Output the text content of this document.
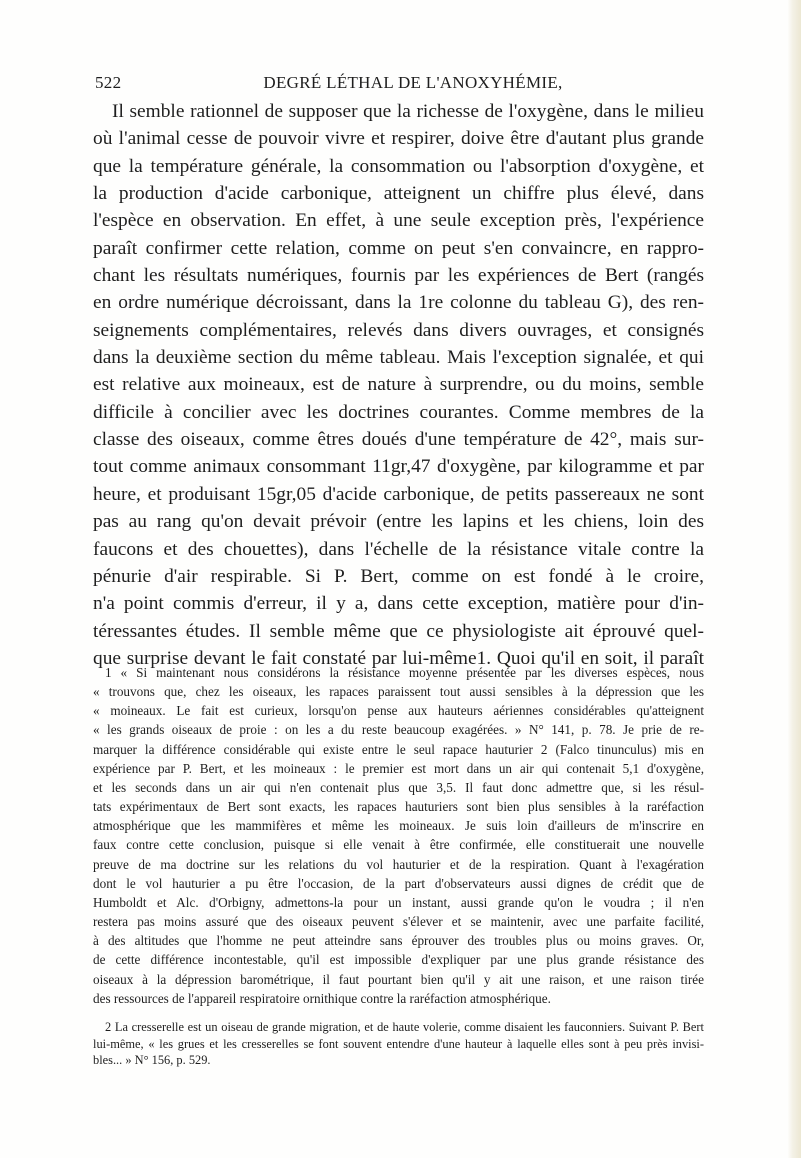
522	DEGRÉ LÉTHAL DE L'ANOXYHÉMIE,
Il semble rationnel de supposer que la richesse de l'oxygène, dans le milieu
où l'animal cesse de pouvoir vivre et respirer, doive être d'autant plus grande
que la température générale, la consommation ou l'absorption d'oxygène, et
la production d'acide carbonique, atteignent un chiffre plus élevé, dans
l'espèce en observation. En effet, à une seule exception près, l'expérience
paraît confirmer cette relation, comme on peut s'en convaincre, en rappro-
chant les résultats numériques, fournis par les expériences de Bert (rangés
en ordre numérique décroissant, dans la 1re colonne du tableau G), des ren-
seignements complémentaires, relevés dans divers ouvrages, et consignés
dans la deuxième section du même tableau. Mais l'exception signalée, et qui
est relative aux moineaux, est de nature à surprendre, ou du moins, semble
difficile à concilier avec les doctrines courantes. Comme membres de la
classe des oiseaux, comme êtres doués d'une température de 42°, mais sur-
tout comme animaux consommant 11gr,47 d'oxygène, par kilogramme et par
heure, et produisant 15gr,05 d'acide carbonique, de petits passereaux ne sont
pas au rang qu'on devait prévoir (entre les lapins et les chiens, loin des
faucons et des chouettes), dans l'échelle de la résistance vitale contre la
pénurie d'air respirable. Si P. Bert, comme on est fondé à le croire,
n'a point commis d'erreur, il y a, dans cette exception, matière pour d'in-
téressantes études. Il semble même que ce physiologiste ait éprouvé quel-
que surprise devant le fait constaté par lui-même1. Quoi qu'il en soit, il paraît
1 « Si maintenant nous considérons la résistance moyenne présentée par les diverses espèces, nous
« trouvons que, chez les oiseaux, les rapaces paraissent tout aussi sensibles à la dépression que les
« moineaux. Le fait est curieux, lorsqu'on pense aux hauteurs aériennes considérables qu'atteignent
« les grands oiseaux de proie : on les a du reste beaucoup exagérées. » N° 141, p. 78. Je prie de re-
marquer la différence considérable qui existe entre le seul rapace hauturier 2 (Falco tinunculus) mis en
expérience par P. Bert, et les moineaux : le premier est mort dans un air qui contenait 5,1 d'oxygène,
et les seconds dans un air qui n'en contenait plus que 3,5. Il faut donc admettre que, si les résul-
tats expérimentaux de Bert sont exacts, les rapaces hauturiers sont bien plus sensibles à la raréfaction
atmosphérique que les mammifères et même les moineaux. Je suis loin d'ailleurs de m'inscrire en
faux contre cette conclusion, puisque si elle venait à être confirmée, elle constituerait une nouvelle
preuve de ma doctrine sur les relations du vol hauturier et de la respiration. Quant à l'exagération
dont le vol hauturier a pu être l'occasion, de la part d'observateurs aussi dignes de crédit que de
Humboldt et Alc. d'Orbigny, admettons-la pour un instant, aussi grande qu'on le voudra ; il n'en
restera pas moins assuré que des oiseaux peuvent s'élever et se maintenir, avec une parfaite facilité,
à des altitudes que l'homme ne peut atteindre sans éprouver des troubles plus ou moins graves. Or,
de cette différence incontestable, qu'il est impossible d'expliquer par une plus grande résistance des
oiseaux à la dépression barométrique, il faut pourtant bien qu'il y ait une raison, et une raison tirée
des ressources de l'appareil respiratoire ornithique contre la raréfaction atmosphérique.
2 La cresserelle est un oiseau de grande migration, et de haute volerie, comme disaient les fauconniers. Suivant P. Bert
lui-même, « les grues et les cresserelles se font souvent entendre d'une hauteur à laquelle elles sont à peu près invisi-
bles... » N° 156, p. 529.
